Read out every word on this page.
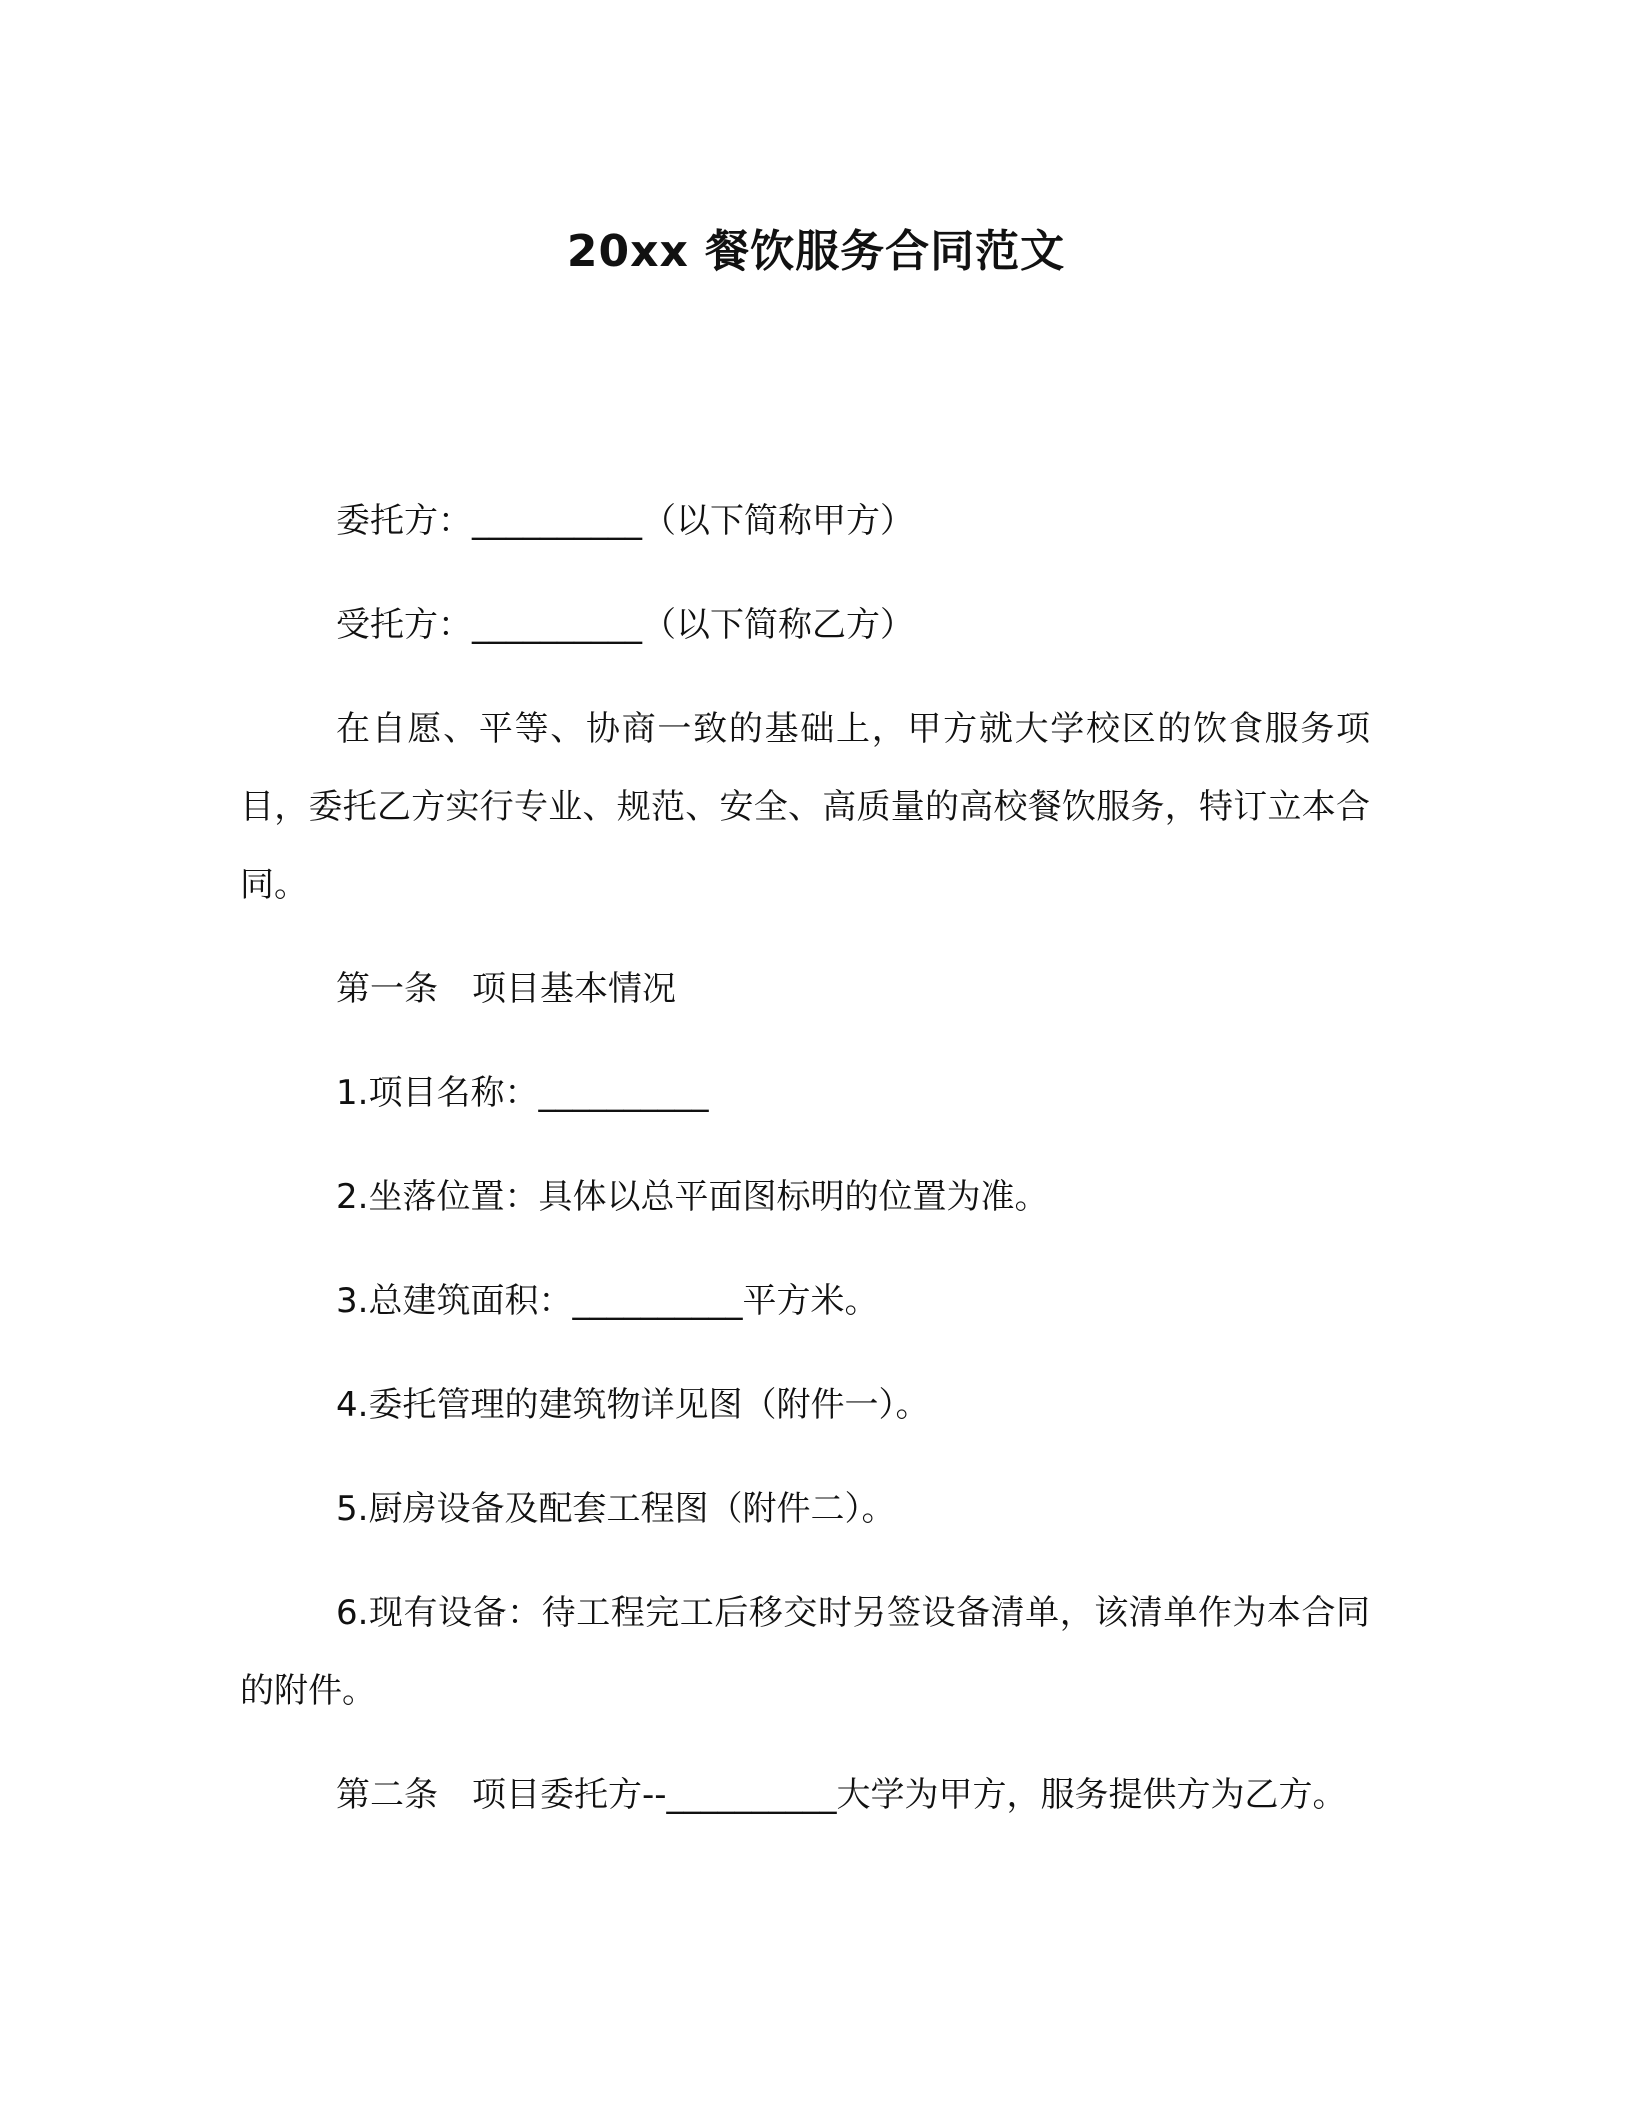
20xx 餐饮服务合同范文

委托方：__________（以下简称甲方）

受托方：__________（以下简称乙方）

在自愿、平等、协商一致的基础上，甲方就大学校区的饮食服务项目，委托乙方实行专业、规范、安全、高质量的高校餐饮服务，特订立本合同。

第一条　项目基本情况

1.项目名称：__________

2.坐落位置：具体以总平面图标明的位置为准。

3.总建筑面积：__________平方米。

4.委托管理的建筑物详见图（附件一）。

5.厨房设备及配套工程图（附件二）。

6.现有设备：待工程完工后移交时另签设备清单，该清单作为本合同的附件。

第二条　项目委托方--__________大学为甲方，服务提供方为乙方。
